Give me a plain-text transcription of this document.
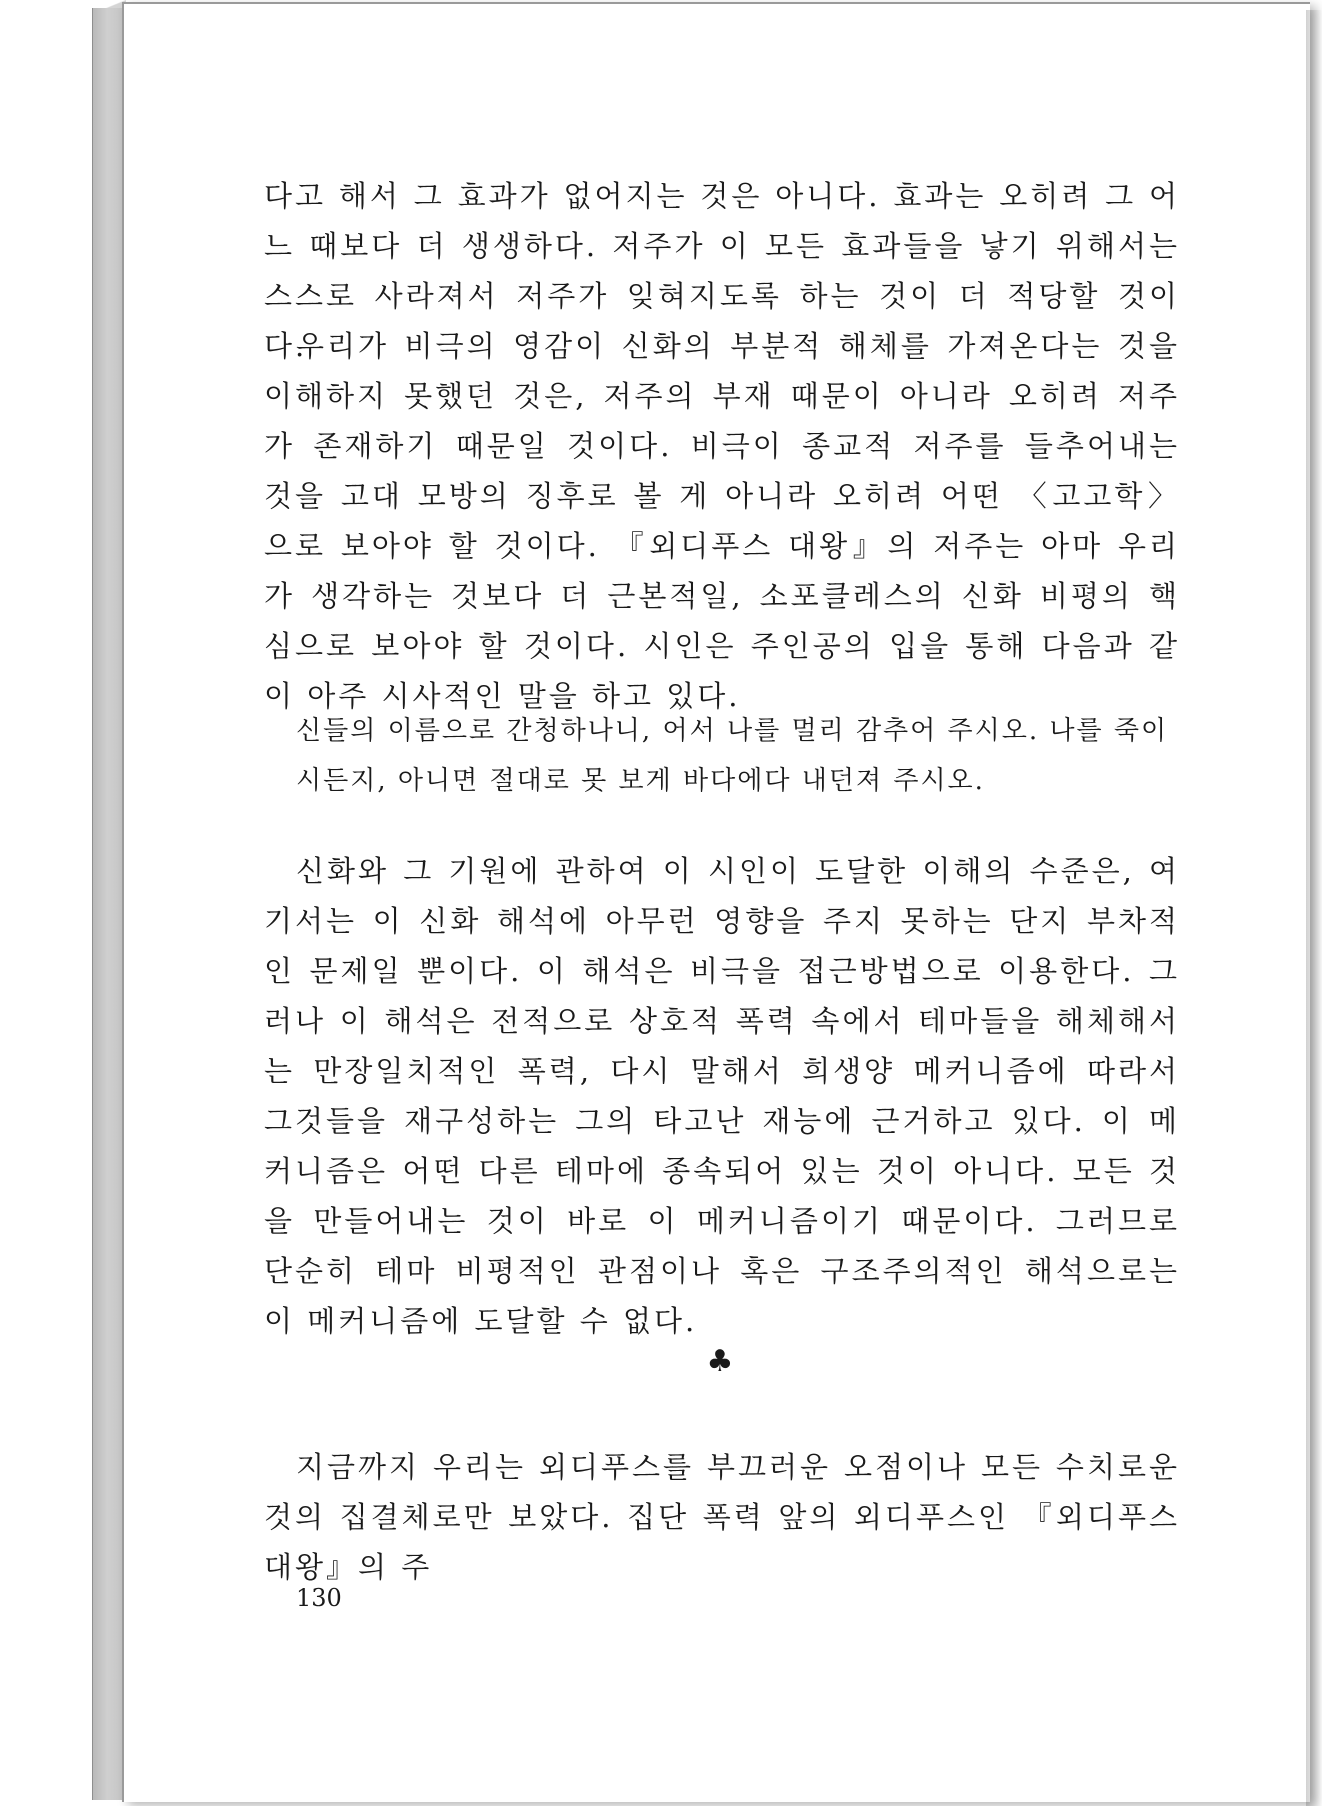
다고 해서 그 효과가 없어지는 것은 아니다. 효과는 오히려 그 어느 때보다 더 생생하다. 저주가 이 모든 효과들을 낳기 위해서는 스스로 사라져서 저주가 잊혀지도록 하는 것이 더 적당할 것이다.

우리가 비극의 영감이 신화의 부분적 해체를 가져온다는 것을 이해하지 못했던 것은, 저주의 부재 때문이 아니라 오히려 저주가 존재하기 때문일 것이다. 비극이 종교적 저주를 들추어내는 것을 고대 모방의 징후로 볼 게 아니라 오히려 어떤 〈고고학〉으로 보아야 할 것이다. 『외디푸스 대왕』의 저주는 아마 우리가 생각하는 것보다 더 근본적일, 소포클레스의 신화 비평의 핵심으로 보아야 할 것이다. 시인은 주인공의 입을 통해 다음과 같이 아주 시사적인 말을 하고 있다.

신들의 이름으로 간청하나니, 어서 나를 멀리 감추어 주시오. 나를 죽이시든지, 아니면 절대로 못 보게 바다에다 내던져 주시오.

신화와 그 기원에 관하여 이 시인이 도달한 이해의 수준은, 여기서는 이 신화 해석에 아무런 영향을 주지 못하는 단지 부차적인 문제일 뿐이다. 이 해석은 비극을 접근방법으로 이용한다. 그러나 이 해석은 전적으로 상호적 폭력 속에서 테마들을 해체해서는 만장일치적인 폭력, 다시 말해서 희생양 메커니즘에 따라서 그것들을 재구성하는 그의 타고난 재능에 근거하고 있다. 이 메커니즘은 어떤 다른 테마에 종속되어 있는 것이 아니다. 모든 것을 만들어내는 것이 바로 이 메커니즘이기 때문이다. 그러므로 단순히 테마 비평적인 관점이나 혹은 구조주의적인 해석으로는 이 메커니즘에 도달할 수 없다.

♣

지금까지 우리는 외디푸스를 부끄러운 오점이나 모든 수치로운 것의 집결체로만 보았다. 집단 폭력 앞의 외디푸스인 『외디푸스 대왕』의 주

130
